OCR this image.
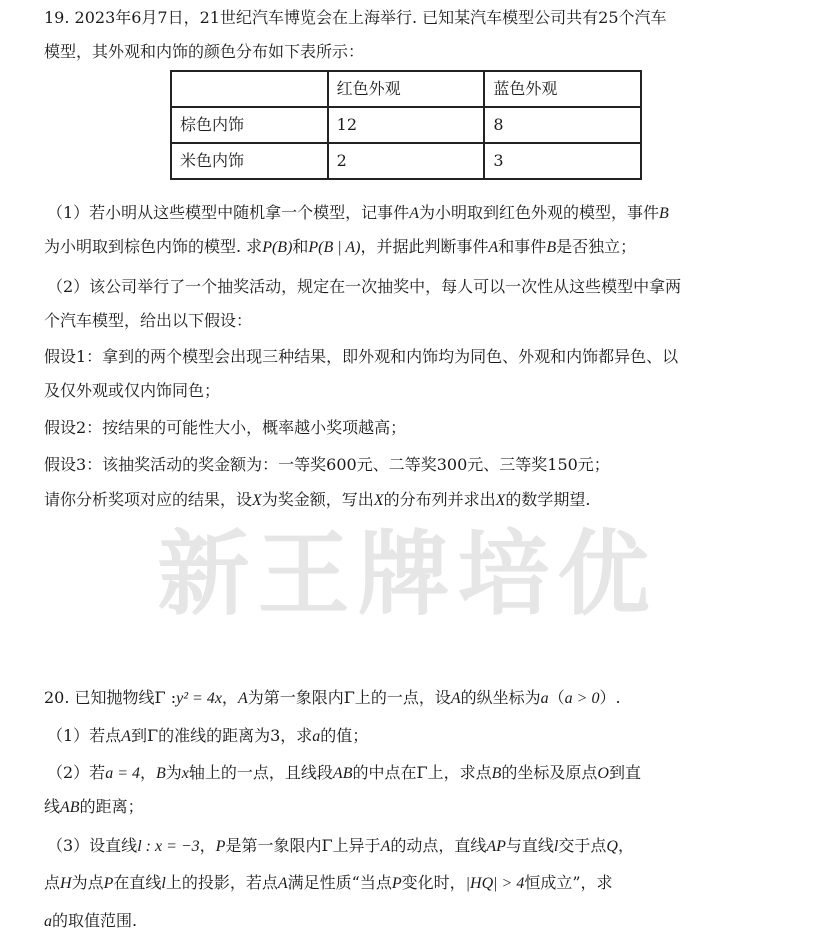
19. 2023年6月7日，21世纪汽车博览会在上海举行. 已知某汽车模型公司共有25个汽车
模型，其外观和内饰的颜色分布如下表所示：
	红色外观	蓝色外观
棕色内饰	12	8
米色内饰	2	3
（1）若小明从这些模型中随机拿一个模型，记事件A为小明取到红色外观的模型，事件B
为小明取到棕色内饰的模型. 求P(B)和P(B | A)，并据此判断事件A和事件B是否独立；
（2）该公司举行了一个抽奖活动，规定在一次抽奖中，每人可以一次性从这些模型中拿两
个汽车模型，给出以下假设：
假设1：拿到的两个模型会出现三种结果，即外观和内饰均为同色、外观和内饰都异色、以
及仅外观或仅内饰同色；
假设2：按结果的可能性大小，概率越小奖项越高；
假设3：该抽奖活动的奖金额为：一等奖600元、二等奖300元、三等奖150元；
请你分析奖项对应的结果，设X为奖金额，写出X的分布列并求出X的数学期望.
新王牌培优
20. 已知抛物线Γ :y² = 4x，A为第一象限内Γ上的一点，设A的纵坐标为a（a > 0）.
（1）若点A到Γ的准线的距离为3，求a的值；
（2）若a = 4，B为x轴上的一点，且线段AB的中点在Γ上，求点B的坐标及原点O到直
线AB的距离；
（3）设直线l : x = −3，P是第一象限内Γ上异于A的动点，直线AP与直线l交于点Q，
点H为点P在直线l上的投影，若点A满足性质“当点P变化时，|HQ| > 4恒成立”，求
a的取值范围.
